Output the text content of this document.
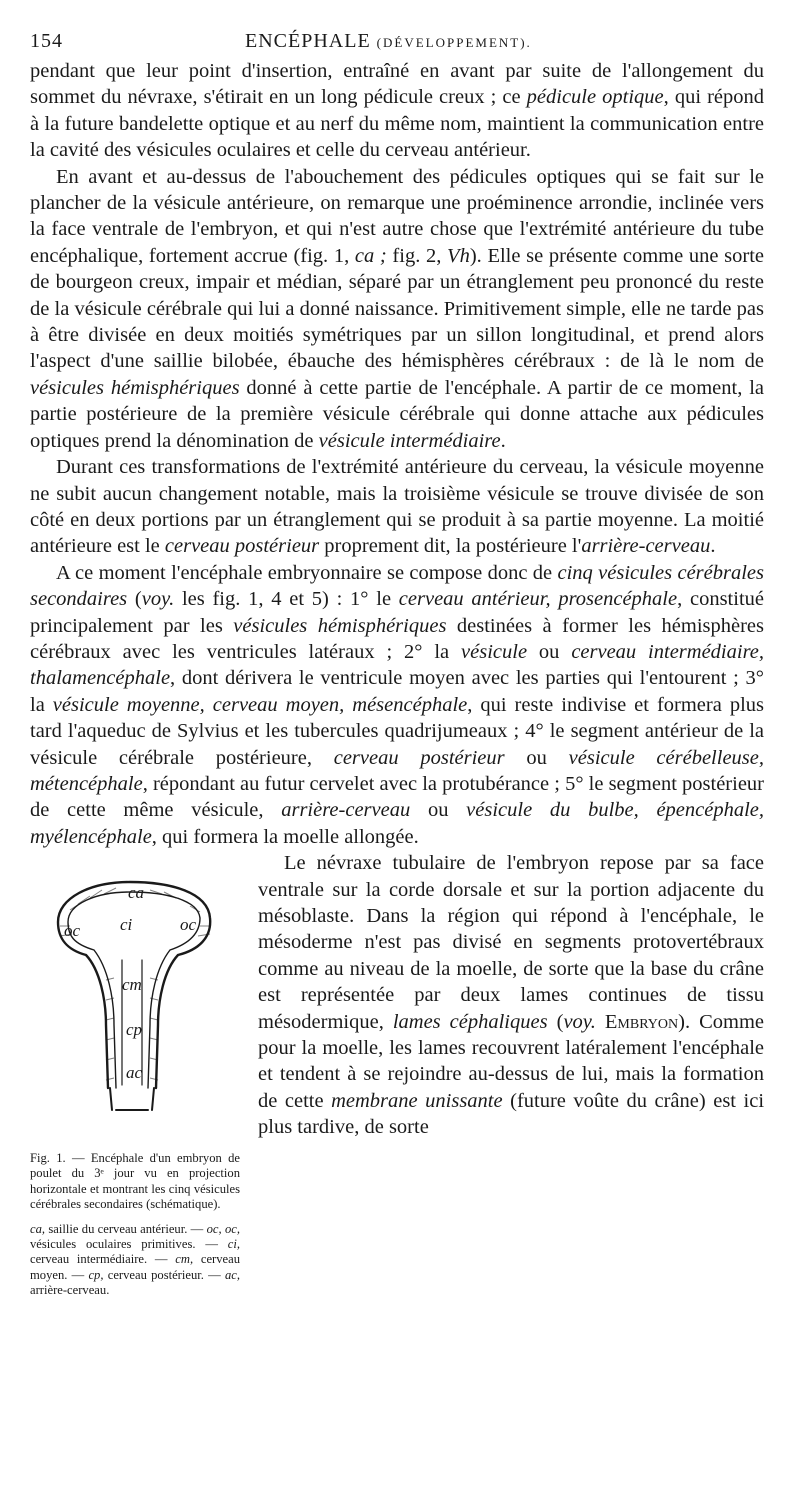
154	ENCÉPHALE (DÉVELOPPEMENT).

pendant que leur point d'insertion, entraîné en avant par suite de l'allongement du sommet du névraxe, s'étirait en un long pédicule creux ; ce pédicule optique, qui répond à la future bandelette optique et au nerf du même nom, maintient la communication entre la cavité des vésicules oculaires et celle du cerveau antérieur.

En avant et au-dessus de l'abouchement des pédicules optiques qui se fait sur le plancher de la vésicule antérieure, on remarque une proéminence arrondie, inclinée vers la face ventrale de l'embryon, et qui n'est autre chose que l'extrémité antérieure du tube encéphalique, fortement accrue (fig. 1, ca ; fig. 2, Vh). Elle se présente comme une sorte de bourgeon creux, impair et médian, séparé par un étranglement peu prononcé du reste de la vésicule cérébrale qui lui a donné naissance. Primitivement simple, elle ne tarde pas à être divisée en deux moitiés symétriques par un sillon longitudinal, et prend alors l'aspect d'une saillie bilobée, ébauche des hémisphères cérébraux : de là le nom de vésicules hémisphériques donné à cette partie de l'encéphale. A partir de ce moment, la partie postérieure de la première vésicule cérébrale qui donne attache aux pédicules optiques prend la dénomination de vésicule intermédiaire.

Durant ces transformations de l'extrémité antérieure du cerveau, la vésicule moyenne ne subit aucun changement notable, mais la troisième vésicule se trouve divisée de son côté en deux portions par un étranglement qui se produit à sa partie moyenne. La moitié antérieure est le cerveau postérieur proprement dit, la postérieure l'arrière-cerveau.

A ce moment l'encéphale embryonnaire se compose donc de cinq vésicules cérébrales secondaires (voy. les fig. 1, 4 et 5) : 1° le cerveau antérieur, prosencéphale, constitué principalement par les vésicules hémisphériques destinées à former les hémisphères cérébraux avec les ventricules latéraux ; 2° la vésicule ou cerveau intermédiaire, thalamencéphale, dont dérivera le ventricule moyen avec les parties qui l'entourent ; 3° la vésicule moyenne, cerveau moyen, mésencéphale, qui reste indivise et formera plus tard l'aqueduc de Sylvius et les tubercules quadrijumeaux ; 4° le segment antérieur de la vésicule cérébrale postérieure, cerveau postérieur ou vésicule cérébelleuse, métencéphale, répondant au futur cervelet avec la protubérance ; 5° le segment postérieur de cette même vésicule, arrière-cerveau ou vésicule du bulbe, épencéphale, myélencéphale, qui formera la moelle allongée.

ca
oc ci	oc
cm
cp
ac
Fig. 1. — Encéphale d'un embryon de poulet du 3ᵉ jour vu en projection horizontale et montrant les cinq vésicules cérébrales secondaires (schématique).
ca, saillie du cerveau antérieur. — oc, oc, vésicules oculaires primitives. — ci, cerveau intermédiaire. — cm, cerveau moyen. — cp, cerveau postérieur. — ac, arrière-cerveau.

Le névraxe tubulaire de l'embryon repose par sa face ventrale sur la corde dorsale et sur la portion adjacente du mésoblaste. Dans la région qui répond à l'encéphale, le mésoderme n'est pas divisé en segments protovertébraux comme au niveau de la moelle, de sorte que la base du crâne est représentée par deux lames continues de tissu mésodermique, lames céphaliques (voy. Embryon). Comme pour la moelle, les lames recouvrent latéralement l'encéphale et tendent à se rejoindre au-dessus de lui, mais la formation de cette membrane unissante (future voûte du crâne) est ici plus tardive, de sorte
